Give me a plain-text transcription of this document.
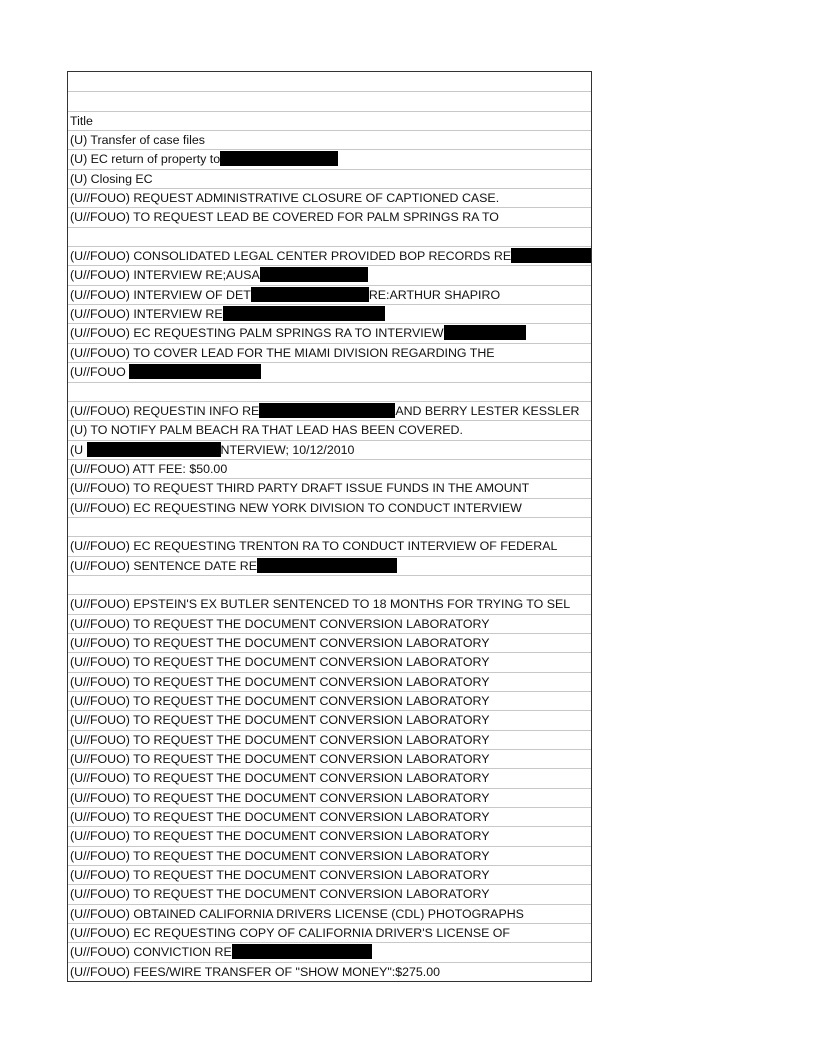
Title
(U) Transfer of case files
(U) EC return of property to
(U) Closing EC
(U//FOUO) REQUEST ADMINISTRATIVE CLOSURE OF CAPTIONED CASE.
(U//FOUO) TO REQUEST LEAD BE COVERED FOR PALM SPRINGS RA TO
(U//FOUO) CONSOLIDATED LEGAL CENTER PROVIDED BOP RECORDS RE
(U//FOUO) INTERVIEW RE;AUSA
(U//FOUO) INTERVIEW OF DET	RE:ARTHUR SHAPIRO
(U//FOUO) INTERVIEW RE
(U//FOUO) EC REQUESTING PALM SPRINGS RA TO INTERVIEW
(U//FOUO) TO COVER LEAD FOR THE MIAMI DIVISION REGARDING THE
(U//FOUO
(U//FOUO) REQUESTIN INFO RE	AND BERRY LESTER KESSLER
(U) TO NOTIFY PALM BEACH RA THAT LEAD HAS BEEN COVERED.
(U	NTERVIEW; 10/12/2010
(U//FOUO) ATT FEE: $50.00
(U//FOUO) TO REQUEST THIRD PARTY DRAFT ISSUE FUNDS IN THE AMOUNT
(U//FOUO) EC REQUESTING NEW YORK DIVISION TO CONDUCT INTERVIEW
(U//FOUO) EC REQUESTING TRENTON RA TO CONDUCT INTERVIEW OF FEDERAL
(U//FOUO) SENTENCE DATE RE
(U//FOUO) EPSTEIN'S EX BUTLER SENTENCED TO 18 MONTHS FOR TRYING TO SEL
(U//FOUO) TO REQUEST THE DOCUMENT CONVERSION LABORATORY
(U//FOUO) TO REQUEST THE DOCUMENT CONVERSION LABORATORY
(U//FOUO) TO REQUEST THE DOCUMENT CONVERSION LABORATORY
(U//FOUO) TO REQUEST THE DOCUMENT CONVERSION LABORATORY
(U//FOUO) TO REQUEST THE DOCUMENT CONVERSION LABORATORY
(U//FOUO) TO REQUEST THE DOCUMENT CONVERSION LABORATORY
(U//FOUO) TO REQUEST THE DOCUMENT CONVERSION LABORATORY
(U//FOUO) TO REQUEST THE DOCUMENT CONVERSION LABORATORY
(U//FOUO) TO REQUEST THE DOCUMENT CONVERSION LABORATORY
(U//FOUO) TO REQUEST THE DOCUMENT CONVERSION LABORATORY
(U//FOUO) TO REQUEST THE DOCUMENT CONVERSION LABORATORY
(U//FOUO) TO REQUEST THE DOCUMENT CONVERSION LABORATORY
(U//FOUO) TO REQUEST THE DOCUMENT CONVERSION LABORATORY
(U//FOUO) TO REQUEST THE DOCUMENT CONVERSION LABORATORY
(U//FOUO) TO REQUEST THE DOCUMENT CONVERSION LABORATORY
(U//FOUO) OBTAINED CALIFORNIA DRIVERS LICENSE (CDL) PHOTOGRAPHS
(U//FOUO) EC REQUESTING COPY OF CALIFORNIA DRIVER'S LICENSE OF
(U//FOUO) CONVICTION RE
(U//FOUO) FEES/WIRE TRANSFER OF "SHOW MONEY":$275.00
